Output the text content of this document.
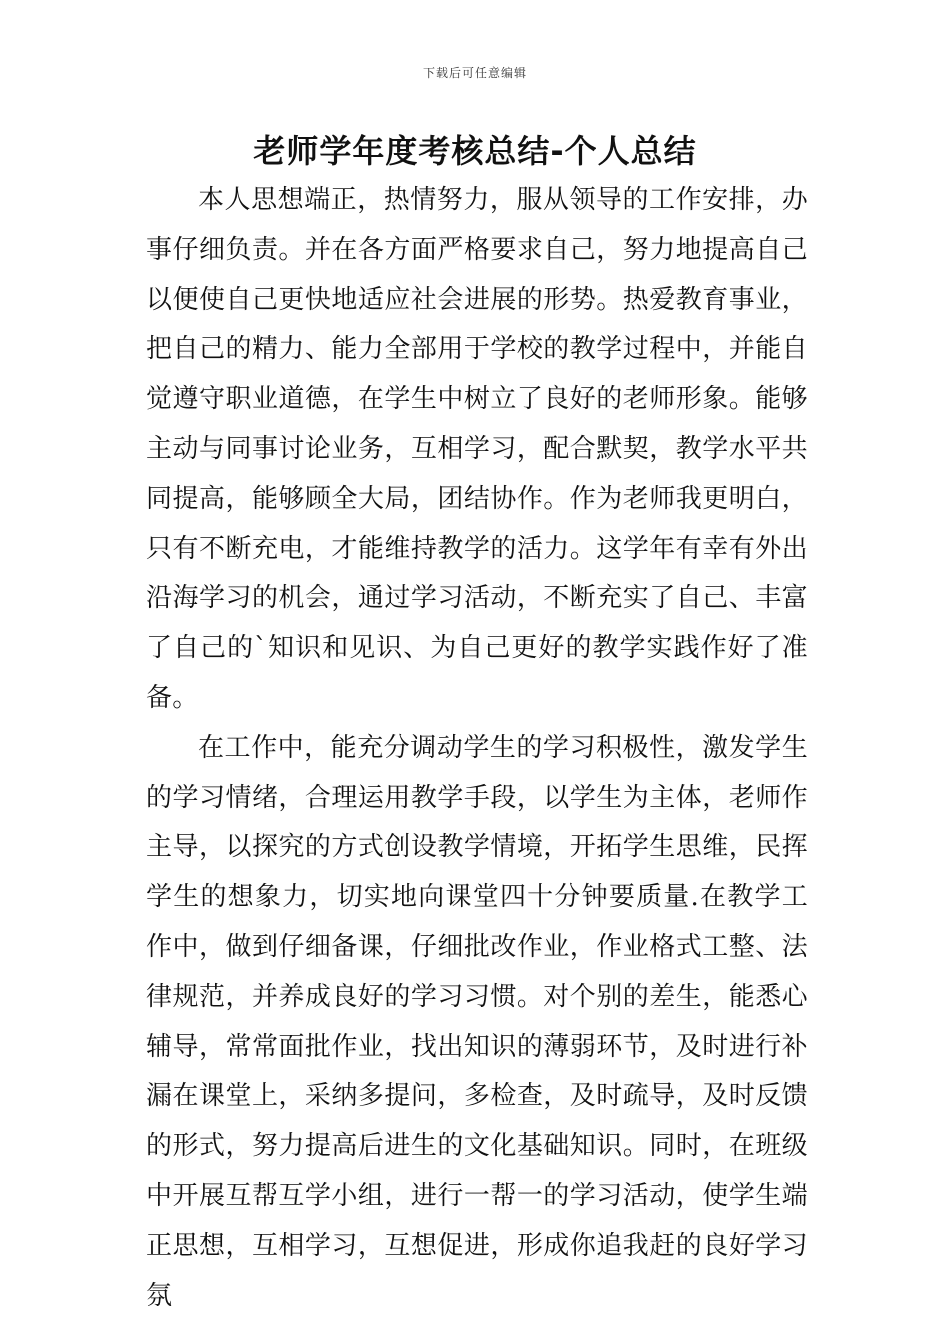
下载后可任意编辑
老师学年度考核总结-个人总结

本人思想端正，热情努力，服从领导的工作安排，办事仔细负责。并在各方面严格要求自己，努力地提高自己以便使自己更快地适应社会进展的形势。热爱教育事业，把自己的精力、能力全部用于学校的教学过程中，并能自觉遵守职业道德，在学生中树立了良好的老师形象。能够主动与同事讨论业务，互相学习，配合默契，教学水平共同提高，能够顾全大局，团结协作。作为老师我更明白，只有不断充电，才能维持教学的活力。这学年有幸有外出沿海学习的机会，通过学习活动，不断充实了自己、丰富了自己的`知识和见识、为自己更好的教学实践作好了准备。

在工作中，能充分调动学生的学习积极性，激发学生的学习情绪，合理运用教学手段，以学生为主体，老师作主导，以探究的方式创设教学情境，开拓学生思维，民挥学生的想象力，切实地向课堂四十分钟要质量.在教学工作中，做到仔细备课，仔细批改作业，作业格式工整、法律规范，并养成良好的学习习惯。对个别的差生，能悉心辅导，常常面批作业，找出知识的薄弱环节，及时进行补漏在课堂上，采纳多提问，多检查，及时疏导，及时反馈的形式，努力提高后进生的文化基础知识。同时，在班级中开展互帮互学小组，进行一帮一的学习活动，使学生端正思想，互相学习，互想促进，形成你追我赶的良好学习氛
